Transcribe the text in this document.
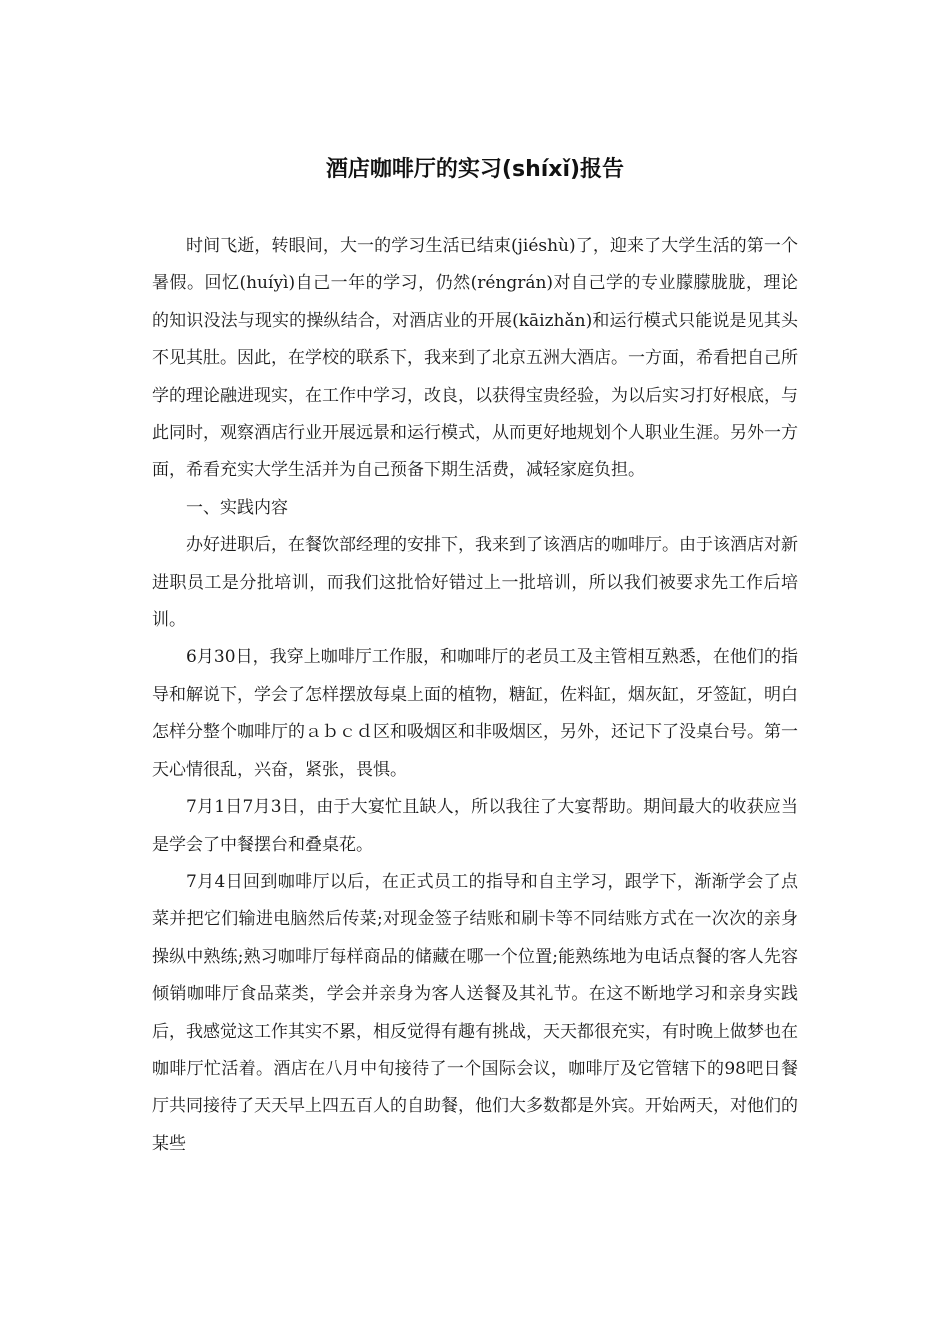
酒店咖啡厅的实习(shíxǐ)报告

时间飞逝，转眼间，大一的学习生活已结束(jiéshù)了，迎来了大学生活的第一个暑假。回忆(huíyì)自己一年的学习，仍然(réngrán)对自己学的专业朦朦胧胧，理论的知识没法与现实的操纵结合，对酒店业的开展(kāizhǎn)和运行模式只能说是见其头不见其肚。因此，在学校的联系下，我来到了北京五洲大酒店。一方面，希看把自己所学的理论融进现实，在工作中学习，改良，以获得宝贵经验，为以后实习打好根底，与此同时，观察酒店行业开展远景和运行模式，从而更好地规划个人职业生涯。另外一方面，希看充实大学生活并为自己预备下期生活费，减轻家庭负担。

一、实践内容

办好进职后，在餐饮部经理的安排下，我来到了该酒店的咖啡厅。由于该酒店对新进职员工是分批培训，而我们这批恰好错过上一批培训，所以我们被要求先工作后培训。

6月30日，我穿上咖啡厅工作服，和咖啡厅的老员工及主管相互熟悉，在他们的指导和解说下，学会了怎样摆放每桌上面的植物，糖缸，佐料缸，烟灰缸，牙签缸，明白怎样分整个咖啡厅的ａｂｃｄ区和吸烟区和非吸烟区，另外，还记下了没桌台号。第一天心情很乱，兴奋，紧张，畏惧。

7月1日7月3日，由于大宴忙且缺人，所以我往了大宴帮助。期间最大的收获应当是学会了中餐摆台和叠桌花。

7月4日回到咖啡厅以后，在正式员工的指导和自主学习，跟学下，渐渐学会了点菜并把它们输进电脑然后传菜;对现金签子结账和刷卡等不同结账方式在一次次的亲身操纵中熟练;熟习咖啡厅每样商品的储藏在哪一个位置;能熟练地为电话点餐的客人先容倾销咖啡厅食品菜类，学会并亲身为客人送餐及其礼节。在这不断地学习和亲身实践后，我感觉这工作其实不累，相反觉得有趣有挑战，天天都很充实，有时晚上做梦也在咖啡厅忙活着。酒店在八月中旬接待了一个国际会议，咖啡厅及它管辖下的98吧日餐厅共同接待了天天早上四五百人的自助餐，他们大多数都是外宾。开始两天，对他们的某些
